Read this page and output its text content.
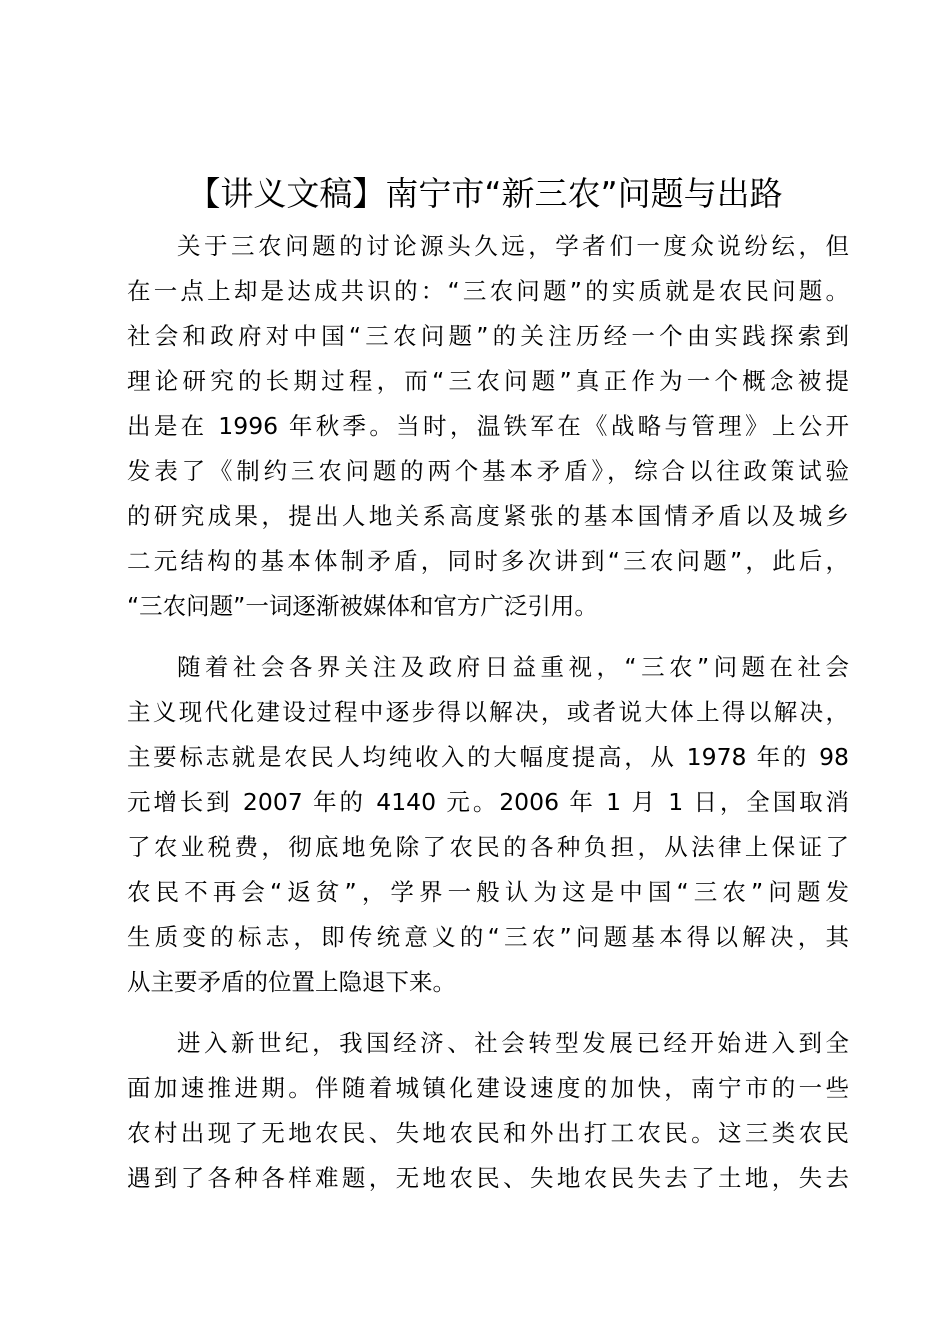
【讲义文稿】南宁市“新三农”问题与出路

关于三农问题的讨论源头久远，学者们一度众说纷纭，但
在一点上却是达成共识的：“三农问题”的实质就是农民问题。
社会和政府对中国“三农问题”的关注历经一个由实践探索到
理论研究的长期过程，而“三农问题”真正作为一个概念被提
出是在 1996 年秋季。当时，温铁军在《战略与管理》上公开
发表了《制约三农问题的两个基本矛盾》，综合以往政策试验
的研究成果，提出人地关系高度紧张的基本国情矛盾以及城乡
二元结构的基本体制矛盾，同时多次讲到“三农问题”，此后，
“三农问题”一词逐渐被媒体和官方广泛引用。

随着社会各界关注及政府日益重视，“三农”问题在社会
主义现代化建设过程中逐步得以解决，或者说大体上得以解决，
主要标志就是农民人均纯收入的大幅度提高，从 1978 年的 98
元增长到 2007 年的 4140 元。2006 年 1 月 1 日，全国取消
了农业税费，彻底地免除了农民的各种负担，从法律上保证了
农民不再会“返贫”，学界一般认为这是中国“三农”问题发
生质变的标志，即传统意义的“三农”问题基本得以解决，其
从主要矛盾的位置上隐退下来。

进入新世纪，我国经济、社会转型发展已经开始进入到全
面加速推进期。伴随着城镇化建设速度的加快，南宁市的一些
农村出现了无地农民、失地农民和外出打工农民。这三类农民
遇到了各种各样难题，无地农民、失地农民失去了土地，失去
